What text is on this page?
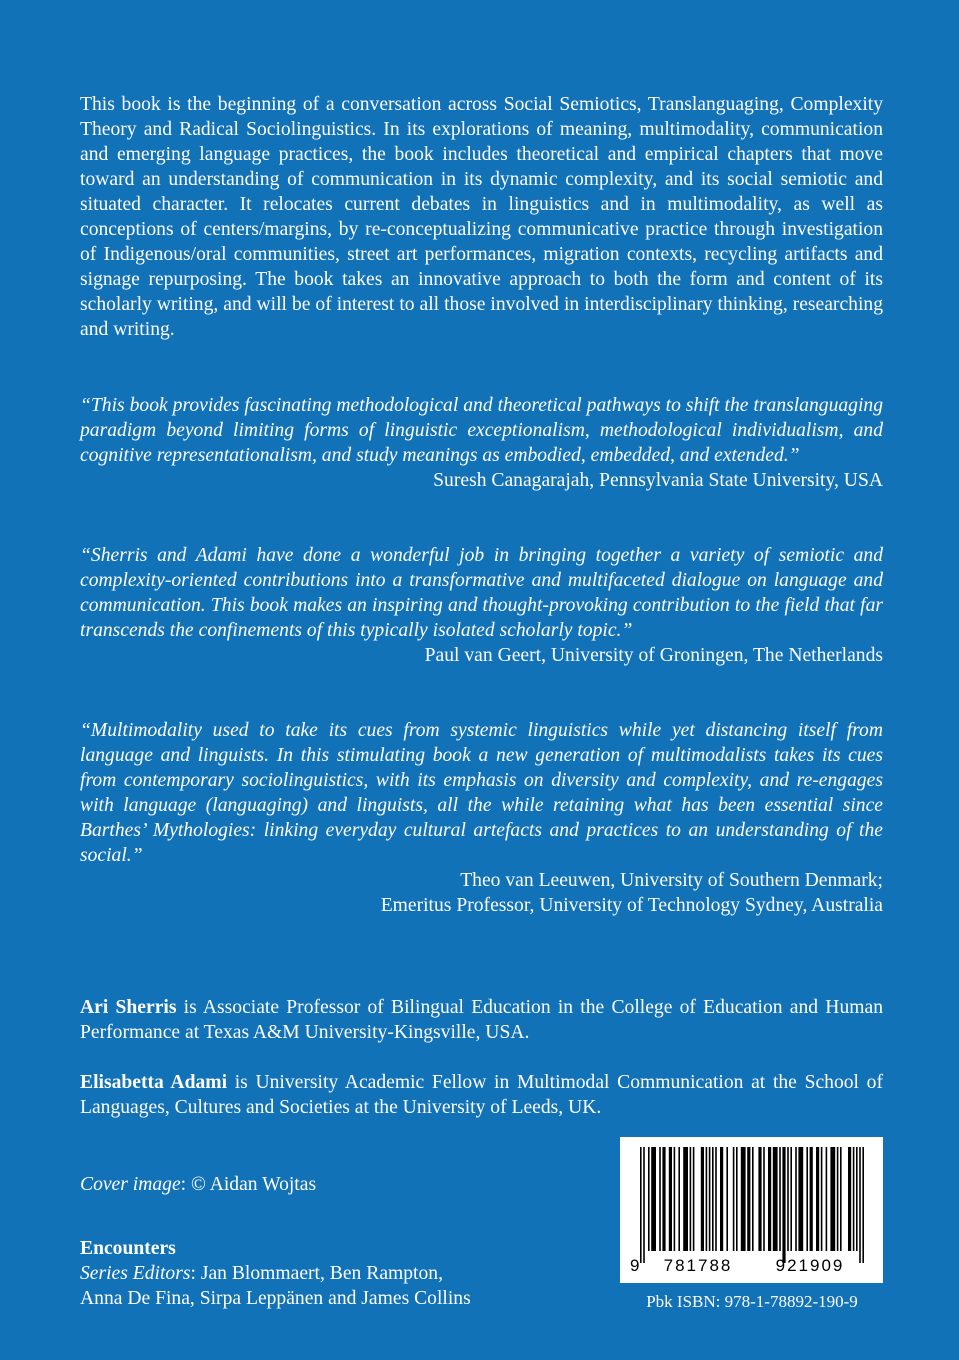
This book is the beginning of a conversation across Social Semiotics, Translanguaging, Complexity Theory and Radical Sociolinguistics. In its explorations of meaning, multimodality, communication and emerging language practices, the book includes theoretical and empirical chapters that move toward an understanding of communication in its dynamic complexity, and its social semiotic and situated character. It relocates current debates in linguistics and in multimodality, as well as conceptions of centers/margins, by re-conceptualizing communicative practice through investigation of Indigenous/oral communities, street art performances, migration contexts, recycling artifacts and signage repurposing. The book takes an innovative approach to both the form and content of its scholarly writing, and will be of interest to all those involved in interdisciplinary thinking, researching and writing.

“This book provides fascinating methodological and theoretical pathways to shift the translanguaging paradigm beyond limiting forms of linguistic exceptionalism, methodological individualism, and cognitive representationalism, and study meanings as embodied, embedded, and extended.”

Suresh Canagarajah, Pennsylvania State University, USA

“Sherris and Adami have done a wonderful job in bringing together a variety of semiotic and complexity-oriented contributions into a transformative and multifaceted dialogue on language and communication. This book makes an inspiring and thought-provoking contribution to the field that far transcends the confinements of this typically isolated scholarly topic.”

Paul van Geert, University of Groningen, The Netherlands

“Multimodality used to take its cues from systemic linguistics while yet distancing itself from language and linguists. In this stimulating book a new generation of multimodalists takes its cues from contemporary sociolinguistics, with its emphasis on diversity and complexity, and re-engages with language (languaging) and linguists, all the while retaining what has been essential since Barthes’ Mythologies: linking everyday cultural artefacts and practices to an understanding of the social.”

Theo van Leeuwen, University of Southern Denmark;

Emeritus Professor, University of Technology Sydney, Australia

Ari Sherris is Associate Professor of Bilingual Education in the College of Education and Human Performance at Texas A&M University-Kingsville, USA.

Elisabetta Adami is University Academic Fellow in Multimodal Communication at the School of Languages, Cultures and Societies at the University of Leeds, UK.

Cover image: © Aidan Wojtas

Encounters
Series Editors: Jan Blommaert, Ben Rampton,
Anna De Fina, Sirpa Leppänen and James Collins
9 781788	921909

Pbk ISBN: 978-1-78892-190-9
